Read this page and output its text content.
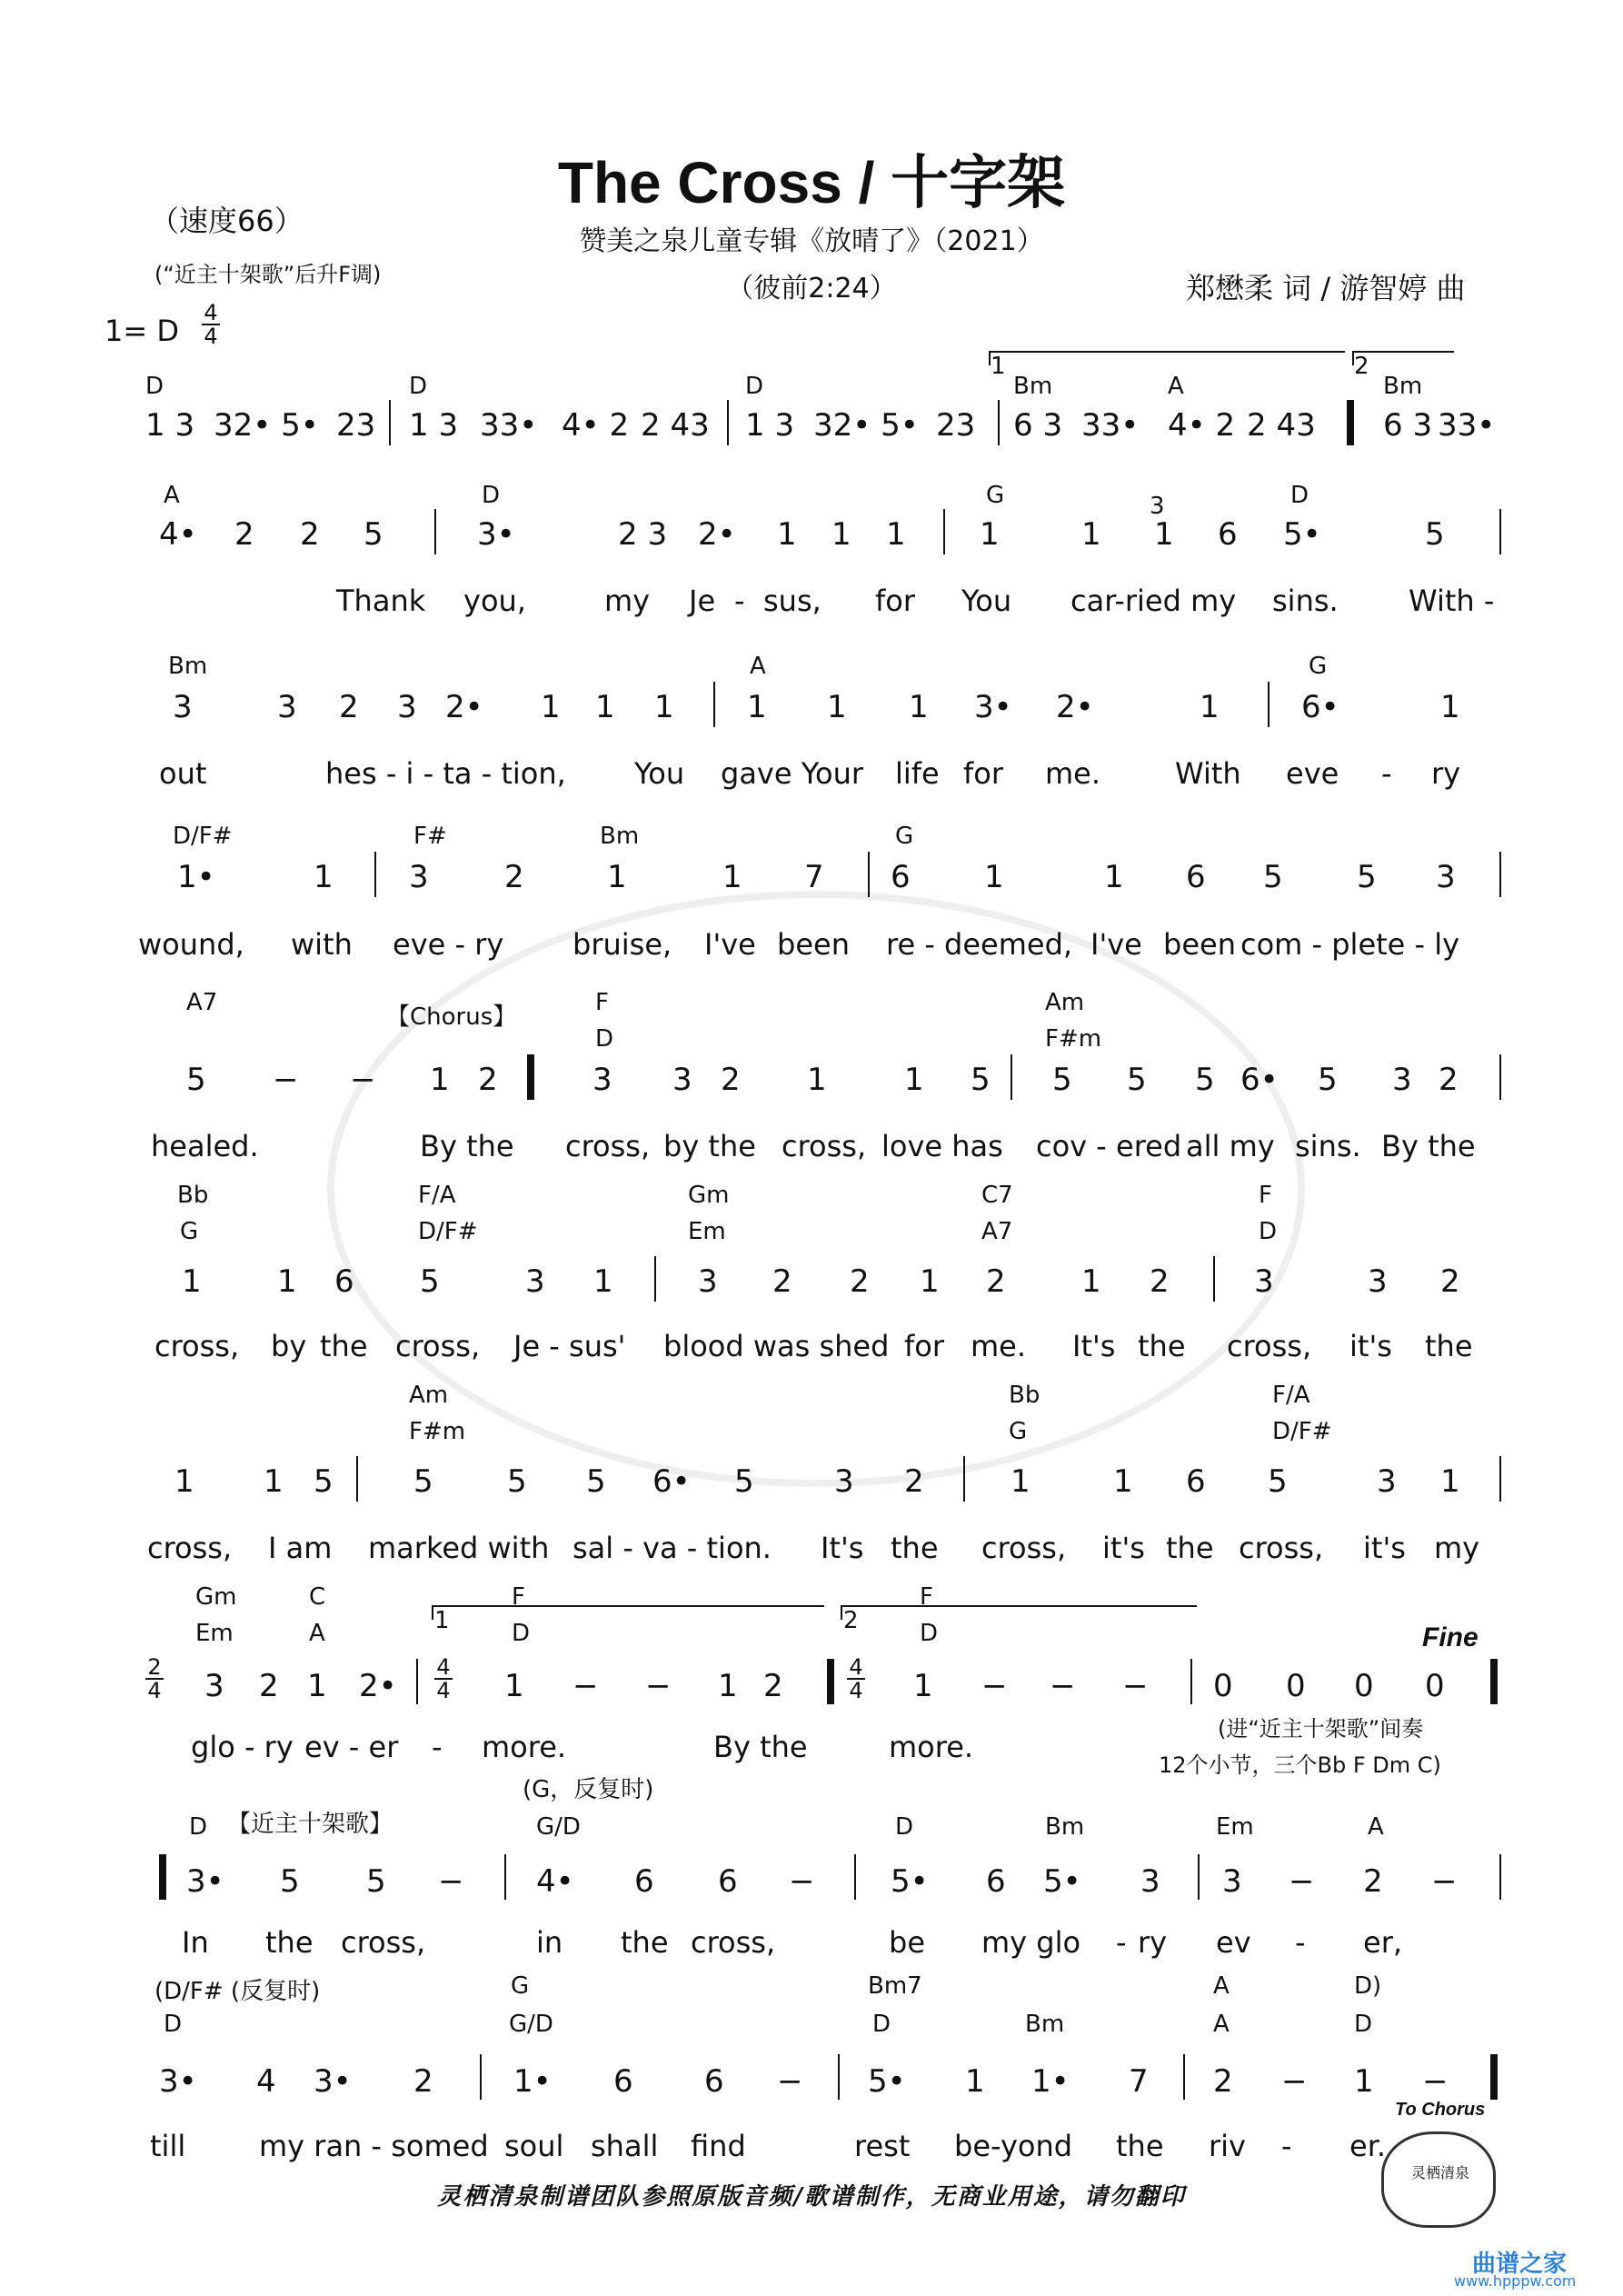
The Cross / 十字架
赞美之泉儿童专辑《放晴了》（2021）
（彼前2:24）
（速度66）
(“近主十架歌”后升F调)	郑懋柔 词 / 游智婷 曲
1= D
4
4
D	D	D	Bm	A	Bm
1 3 32• 5• 23 1 3 33• 4• 2 2 43 1 3 32• 5• 23 6 3 33• 4• 2 2 43 6 3 33•
1	2
A	D	G	D
4• 2 2 5	3•	2 3 2• 1 1 1 1	1 1 6 5•	5
Thank you,	my Je - sus, for You car-ried my sins. With -
3
Bm	A	G
3	3 2 3 2• 1 1 1 1 1 1 3• 2•	1	6•	1
out	hes - i - ta - tion, You gave Your life for me.	With eve - ry
D/F#	F#	Bm	G
1•	1 3 2	1	1 7 6 1	1 6 5 5 3
wound, with eve - ry bruise, I've been re - deemed, I've been com - plete - ly
A7	F	Am
D	F#m
5 − − 1 2	3 3 2 1	1 5 5 5 5 6• 5 3 2
healed.	By the cross, by the cross, love has cov - ered all my sins. By the
【Chorus】
Bb	F/A	Gm	C7	F
G	D/F#	Em	A7	D
1 1 6 5	3 1	3 2 2 1 2 1 2	3	3 2
cross, by the cross, Je - sus' blood was shed for me. It's the cross, it's the
Am	Bb	F/A
F#m	G	D/F#
1 1 5	5 5 5 6• 5	3 2	1	1 6 5	3 1
cross, I am marked with sal - va - tion. It's the cross, it's the cross, it's my
Gm	C	F	F
Em	A	D	D
3 2 1 2•	1 − − 1 2	1 − − − 0 0 0 0
glo - ry ev - er - more.	By the	more.
1	2
D	G/D	D	Bm	Em	A
3• 5 5 − 4• 6 6 − 5• 6 5• 3 3 − 2 −
In the cross,	in the cross,	be my glo - ry ev - er,
【近主十架歌】
(G，反复时)
D	G/D	D	Bm	A	D
3• 4 3• 2	1• 6 6 − 5• 1 1• 7 2 − 1 −
till	my ran - somed soul shall find	rest be-yond the riv - er.
(D/F# (反复时)	G	Bm7	A	D)
2
4
4
4
4
4
Fine
(进“近主十架歌”间奏
12个小节，三个Bb F Dm C)
To Chorus
灵栖清泉制谱团队参照原版音频/歌谱制作，无商业用途，请勿翻印
灵栖清泉
曲谱之家
www.hpppw.com
